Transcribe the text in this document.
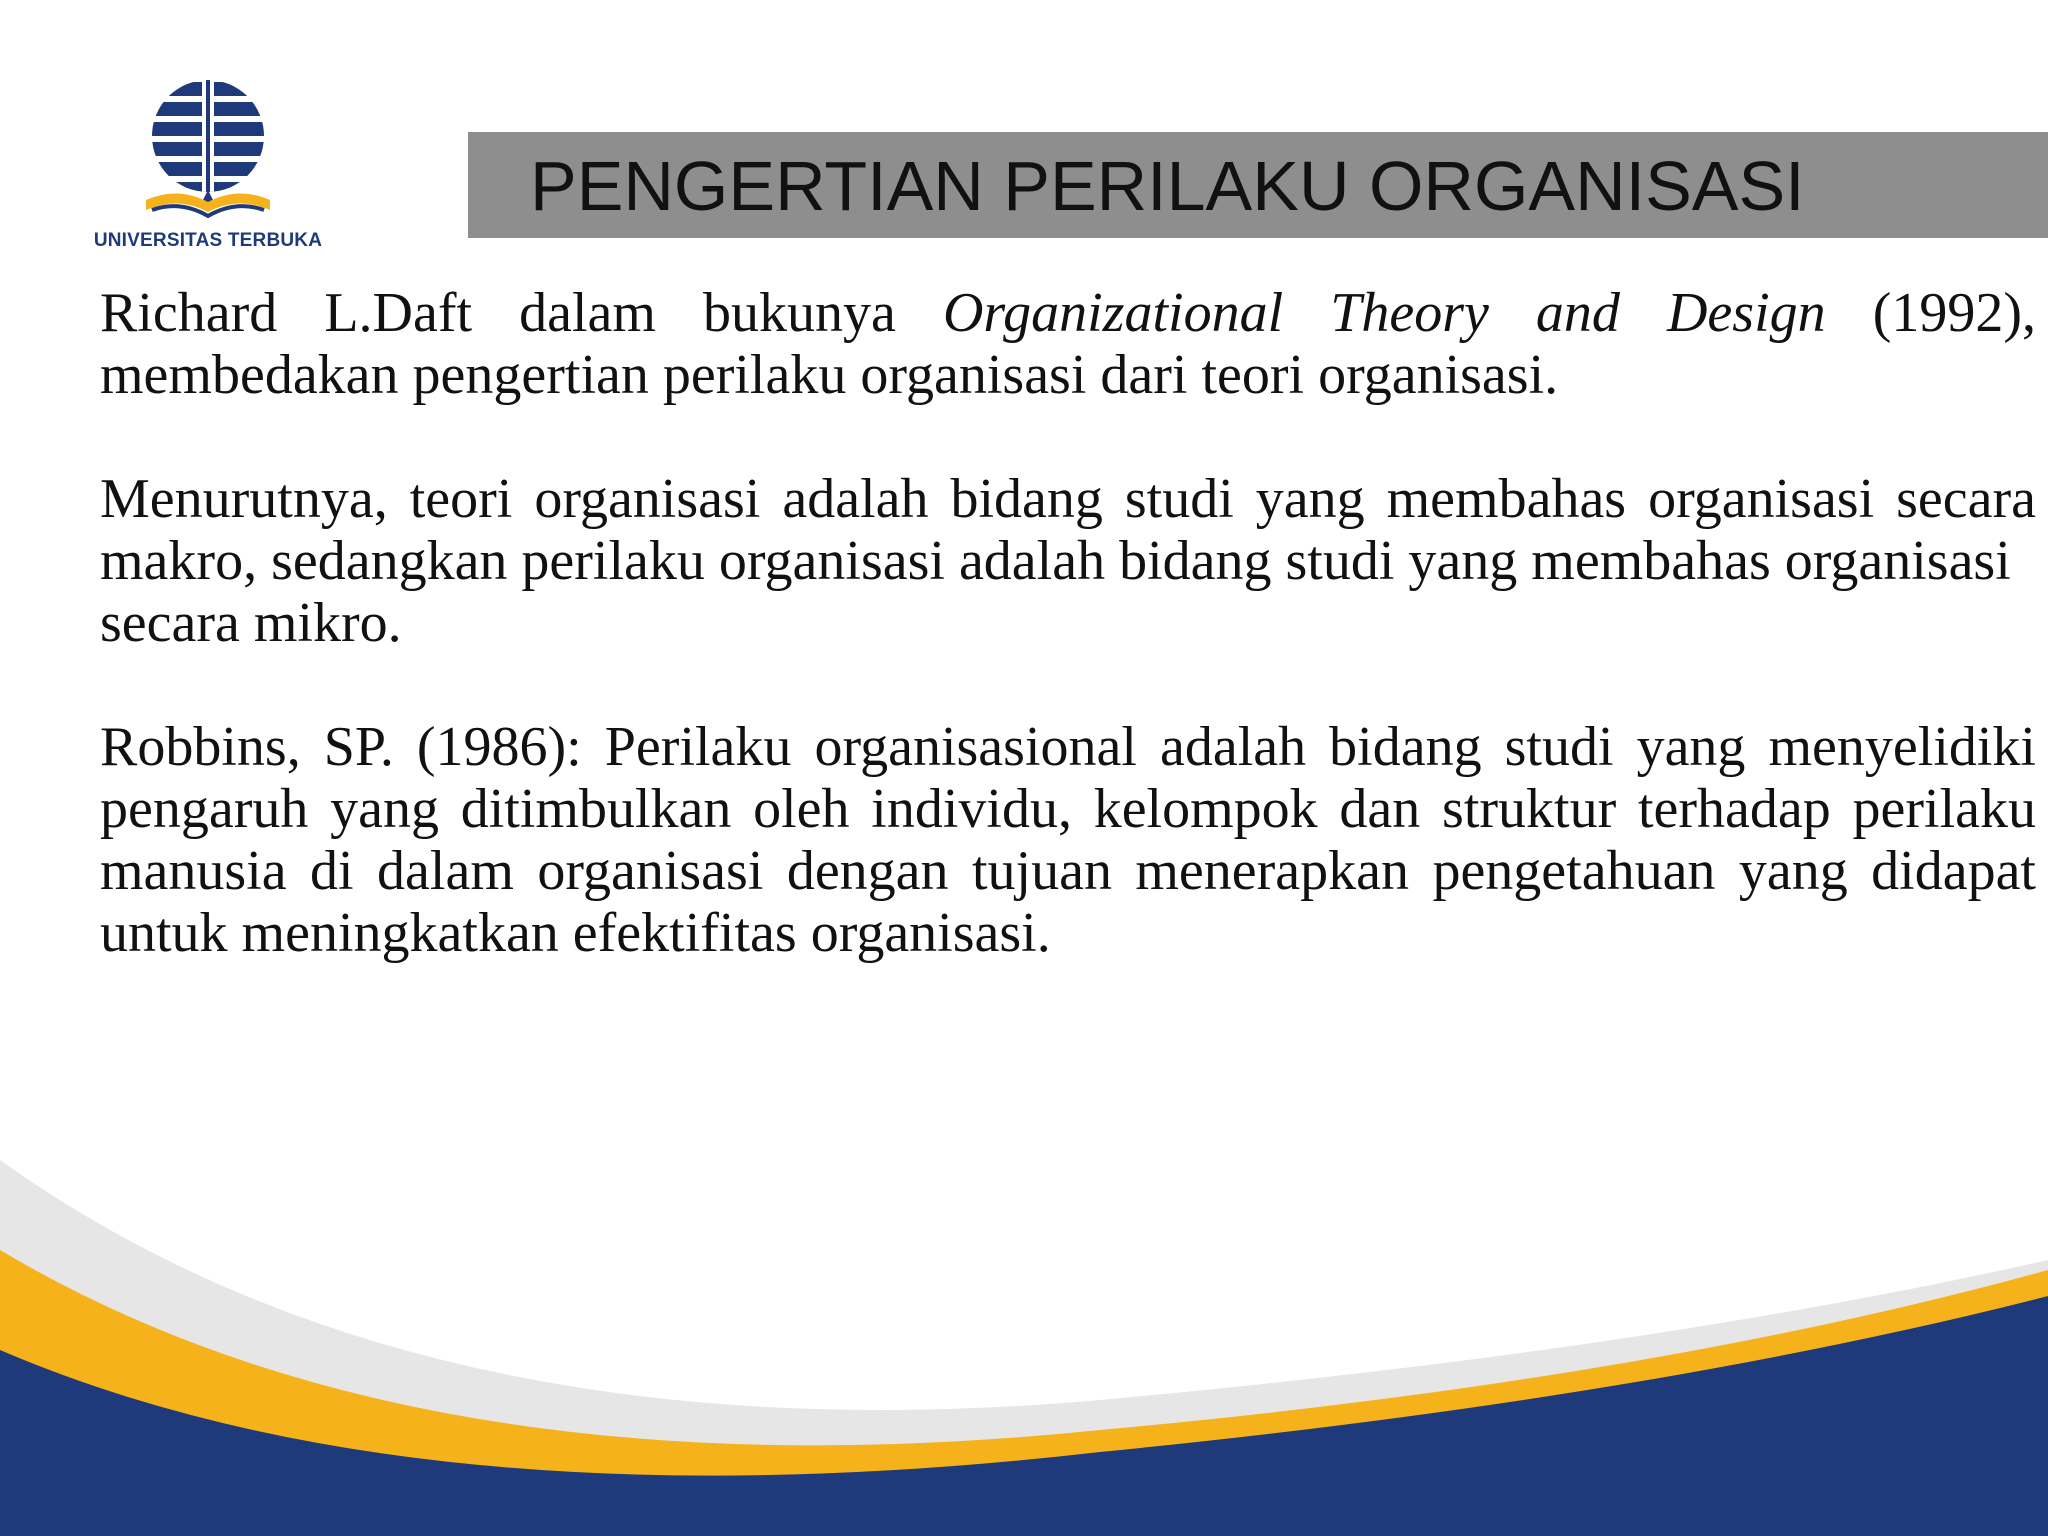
UNIVERSITAS TERBUKA
PENGERTIAN PERILAKU ORGANISASI

Richard L.Daft dalam bukunya Organizational Theory and Design (1992), membedakan pengertian perilaku organisasi dari teori organisasi.

Menurutnya, teori organisasi adalah bidang studi yang membahas organisasi secara makro, sedangkan perilaku organisasi adalah bidang studi yang membahas organisasi
secara mikro.

Robbins, SP. (1986): Perilaku organisasional adalah bidang studi yang menyelidiki pengaruh yang ditimbulkan oleh individu, kelompok dan struktur terhadap perilaku manusia di dalam organisasi dengan tujuan menerapkan pengetahuan yang didapat untuk meningkatkan efektifitas organisasi.
